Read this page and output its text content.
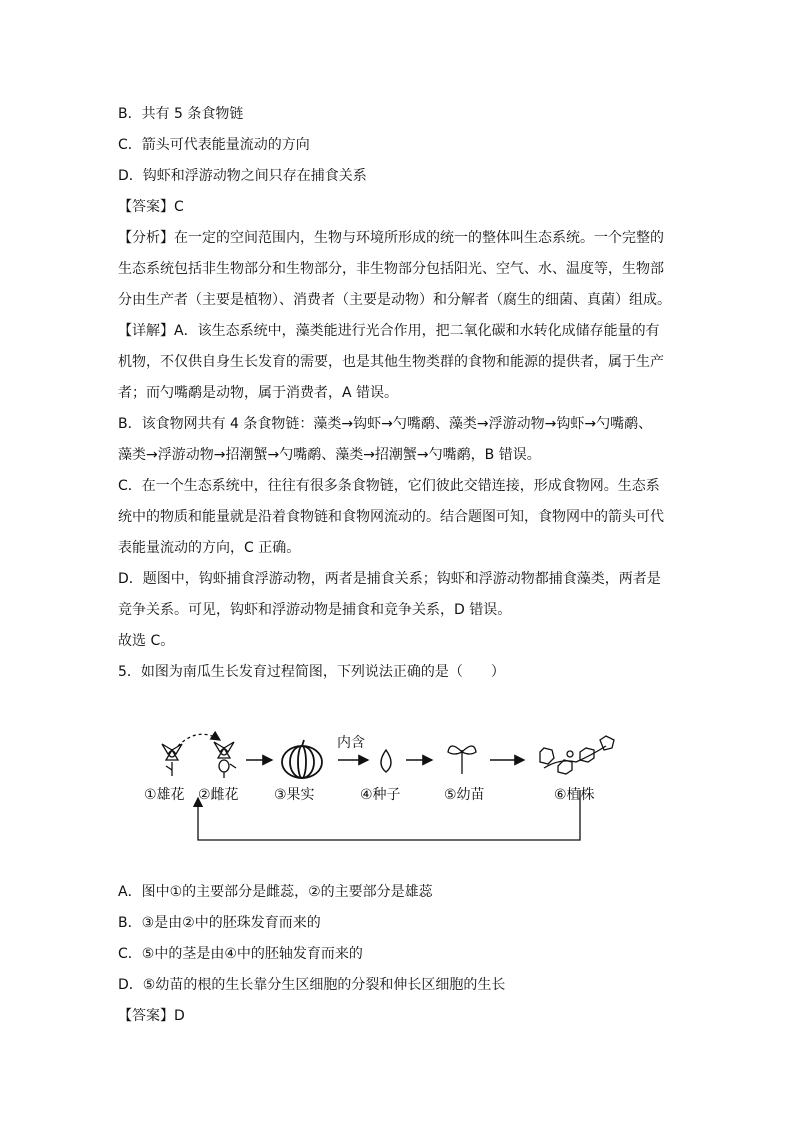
B．共有 5 条食物链
C．箭头可代表能量流动的方向
D．钩虾和浮游动物之间只存在捕食关系
【答案】C
【分析】在一定的空间范围内，生物与环境所形成的统一的整体叫生态系统。一个完整的
生态系统包括非生物部分和生物部分，非生物部分包括阳光、空气、水、温度等，生物部
分由生产者（主要是植物）、消费者（主要是动物）和分解者（腐生的细菌、真菌）组成。
【详解】A．该生态系统中，藻类能进行光合作用，把二氧化碳和水转化成储存能量的有
机物，不仅供自身生长发育的需要，也是其他生物类群的食物和能源的提供者，属于生产
者；而勺嘴鹬是动物，属于消费者，A 错误。
B．该食物网共有 4 条食物链：藻类→钩虾→勺嘴鹬、藻类→浮游动物→钩虾→勺嘴鹬、
藻类→浮游动物→招潮蟹→勺嘴鹬、藻类→招潮蟹→勺嘴鹬，B 错误。
C．在一个生态系统中，往往有很多条食物链，它们彼此交错连接，形成食物网。生态系
统中的物质和能量就是沿着食物链和食物网流动的。结合题图可知，食物网中的箭头可代
表能量流动的方向，C 正确。
D．题图中，钩虾捕食浮游动物，两者是捕食关系；钩虾和浮游动物都捕食藻类，两者是
竞争关系。可见，钩虾和浮游动物是捕食和竞争关系，D 错误。
故选 C。
5．如图为南瓜生长发育过程简图，下列说法正确的是（　　）
内含
①雄花 ②雌花	③果实	④种子	⑤幼苗	⑥植株
A．图中①的主要部分是雌蕊，②的主要部分是雄蕊
B．③是由②中的胚珠发育而来的
C．⑤中的茎是由④中的胚轴发育而来的
D．⑤幼苗的根的生长靠分生区细胞的分裂和伸长区细胞的生长
【答案】D
